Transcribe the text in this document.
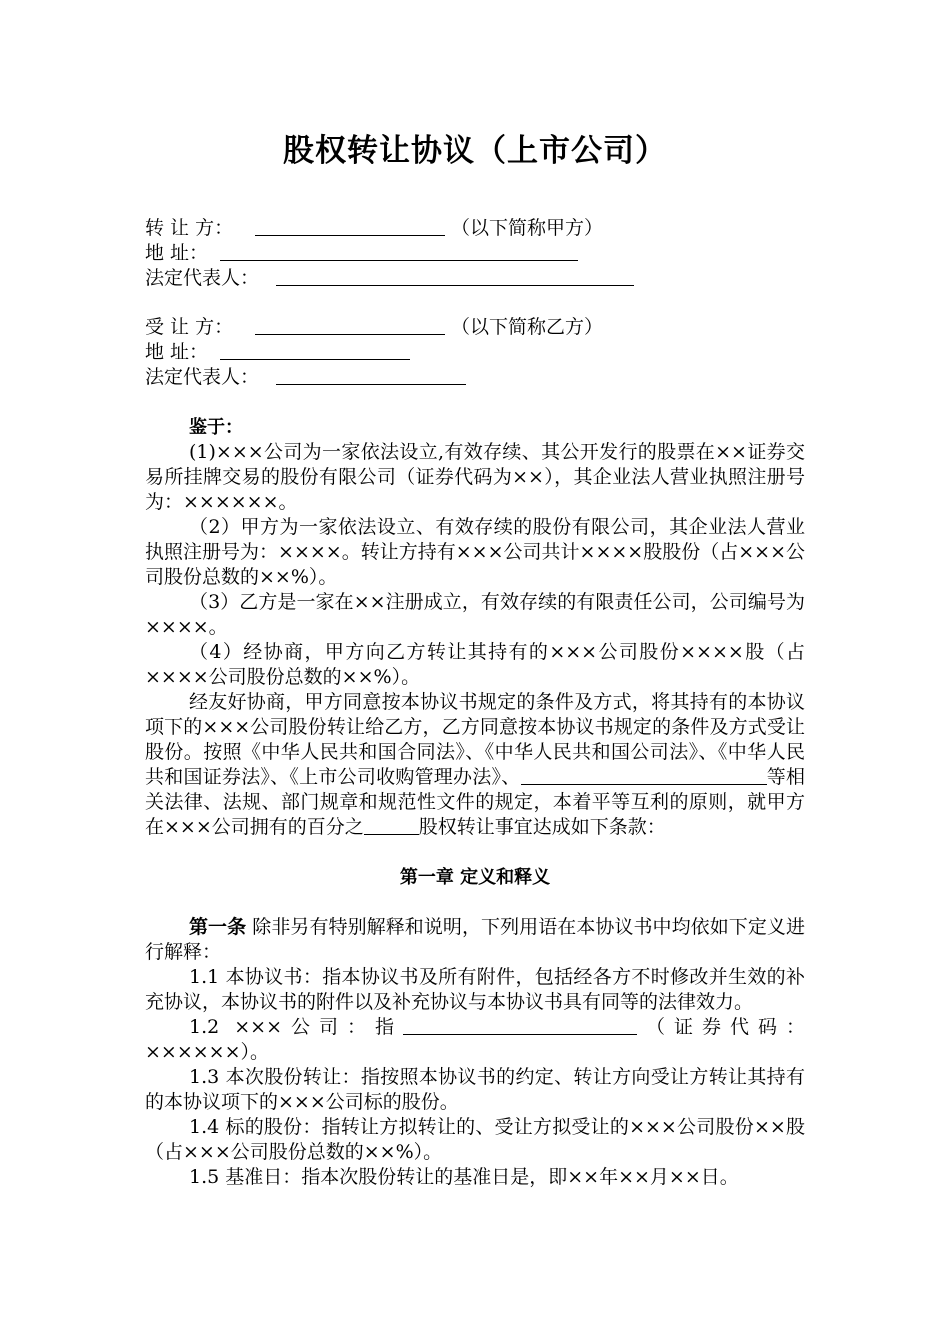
股权转让协议（上市公司）
转 让 方：	（以下简称甲方）
地 址：
法定代表人：
受 让 方：	（以下简称乙方）
地 址：
法定代表人：

鉴于：

(1)×××公司为一家依法设立,有效存续、其公开发行的股票在××证券交易所挂牌交易的股份有限公司（证券代码为××），其企业法人营业执照注册号为：××××××。

（2）甲方为一家依法设立、有效存续的股份有限公司，其企业法人营业执照注册号为：××××。转让方持有×××公司共计××××股股份（占×××公司股份总数的××%）。

（3）乙方是一家在××注册成立，有效存续的有限责任公司，公司编号为××××。

（4）经协商，甲方向乙方转让其持有的×××公司股份××××股（占××××公司股份总数的××%）。

经友好协商，甲方同意按本协议书规定的条件及方式，将其持有的本协议项下的×××公司股份转让给乙方，乙方同意按本协议书规定的条件及方式受让股份。按照《中华人民共和国合同法》、《中华人民共和国公司法》、《中华人民共和国证券法》、《上市公司收购管理办法》、	等相关法律、法规、部门规章和规范性文件的规定，本着平等互利的原则，就甲方在×××公司拥有的百分之	股权转让事宜达成如下条款：

第一章 定义和释义

第一条 除非另有特别解释和说明，下列用语在本协议书中均依如下定义进行解释：

1.1 本协议书：指本协议书及所有附件，包括经各方不时修改并生效的补充协议，本协议书的附件以及补充协议与本协议书具有同等的法律效力。

1.2 ×××公司：指	（证券代码：××××××）。

1.3 本次股份转让：指按照本协议书的约定、转让方向受让方转让其持有的本协议项下的×××公司标的股份。

1.4 标的股份：指转让方拟转让的、受让方拟受让的×××公司股份××股（占×××公司股份总数的××%）。

1.5 基准日：指本次股份转让的基准日是，即××年××月××日。
